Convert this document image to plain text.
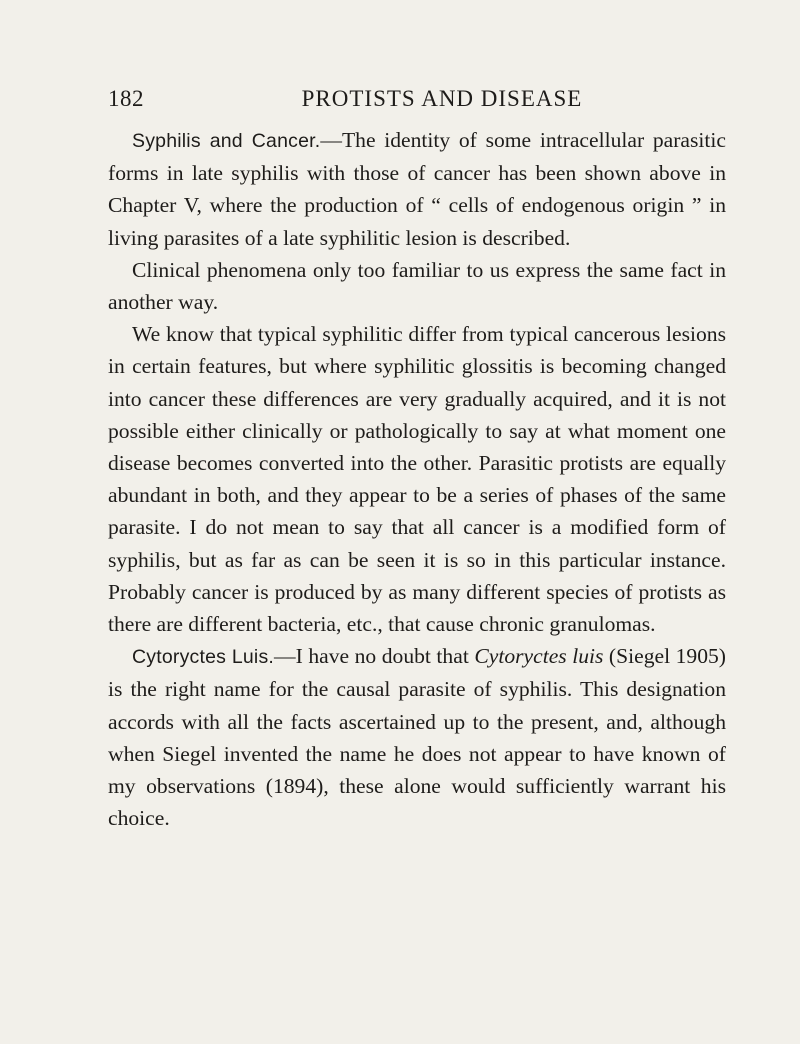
182	PROTISTS AND DISEASE

Syphilis and Cancer.—The identity of some intracellular parasitic forms in late syphilis with those of cancer has been shown above in Chapter V, where the production of “ cells of endogenous origin ” in living parasites of a late syphilitic lesion is described.

Clinical phenomena only too familiar to us express the same fact in another way.

We know that typical syphilitic differ from typical cancerous lesions in certain features, but where syphilitic glossitis is becoming changed into cancer these differences are very gradually acquired, and it is not possible either clinically or pathologically to say at what moment one disease becomes converted into the other. Parasitic protists are equally abundant in both, and they appear to be a series of phases of the same parasite. I do not mean to say that all cancer is a modified form of syphilis, but as far as can be seen it is so in this particular instance. Probably cancer is produced by as many different species of protists as there are different bacteria, etc., that cause chronic granulomas.

Cytoryctes Luis.—I have no doubt that Cytoryctes luis (Siegel 1905) is the right name for the causal parasite of syphilis. This designation accords with all the facts ascertained up to the present, and, although when Siegel invented the name he does not appear to have known of my observations (1894), these alone would sufficiently warrant his choice.
